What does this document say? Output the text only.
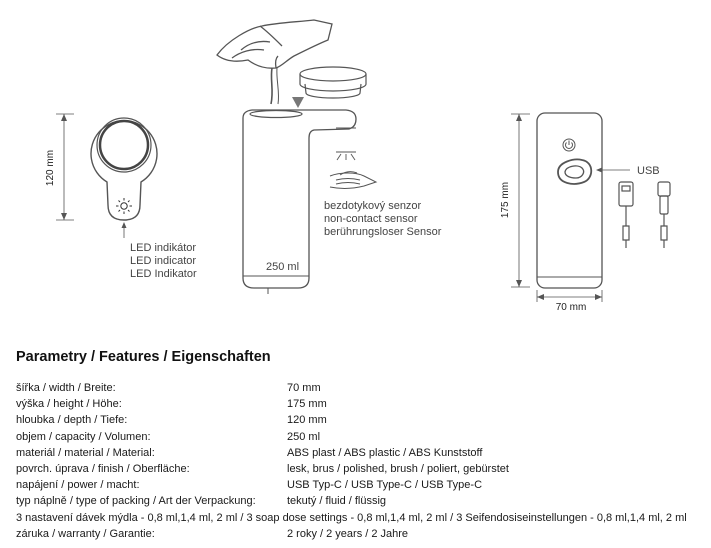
120 mm
175 mm
70 mm
LED indikátor
LED indicator
LED Indikator
bezdotykový senzor
non-contact sensor
berührungsloser Sensor
250 ml
USB
Parametry / Features / Eigenschaften
šířka / width / Breite:	70 mm
výška / height / Höhe:	175 mm
hloubka / depth / Tiefe:	120 mm
objem / capacity / Volumen:	250 ml
materiál / material / Material:	ABS plast / ABS plastic / ABS Kunststoff
povrch. úprava / finish / Oberfläche:	lesk, brus / polished, brush / poliert, gebürstet
napájení / power / macht:	USB Typ-C / USB Type-C / USB Type-C
typ náplně / type of packing / Art der Verpackung:	tekutý / fluid / flüssig
3 nastavení dávek mýdla - 0,8 ml,1,4 ml, 2 ml / 3 soap dose settings - 0,8 ml,1,4 ml, 2 ml / 3 Seifendosiseinstellungen - 0,8 ml,1,4 ml, 2 ml
záruka / warranty / Garantie:	2 roky / 2 years / 2 Jahre
